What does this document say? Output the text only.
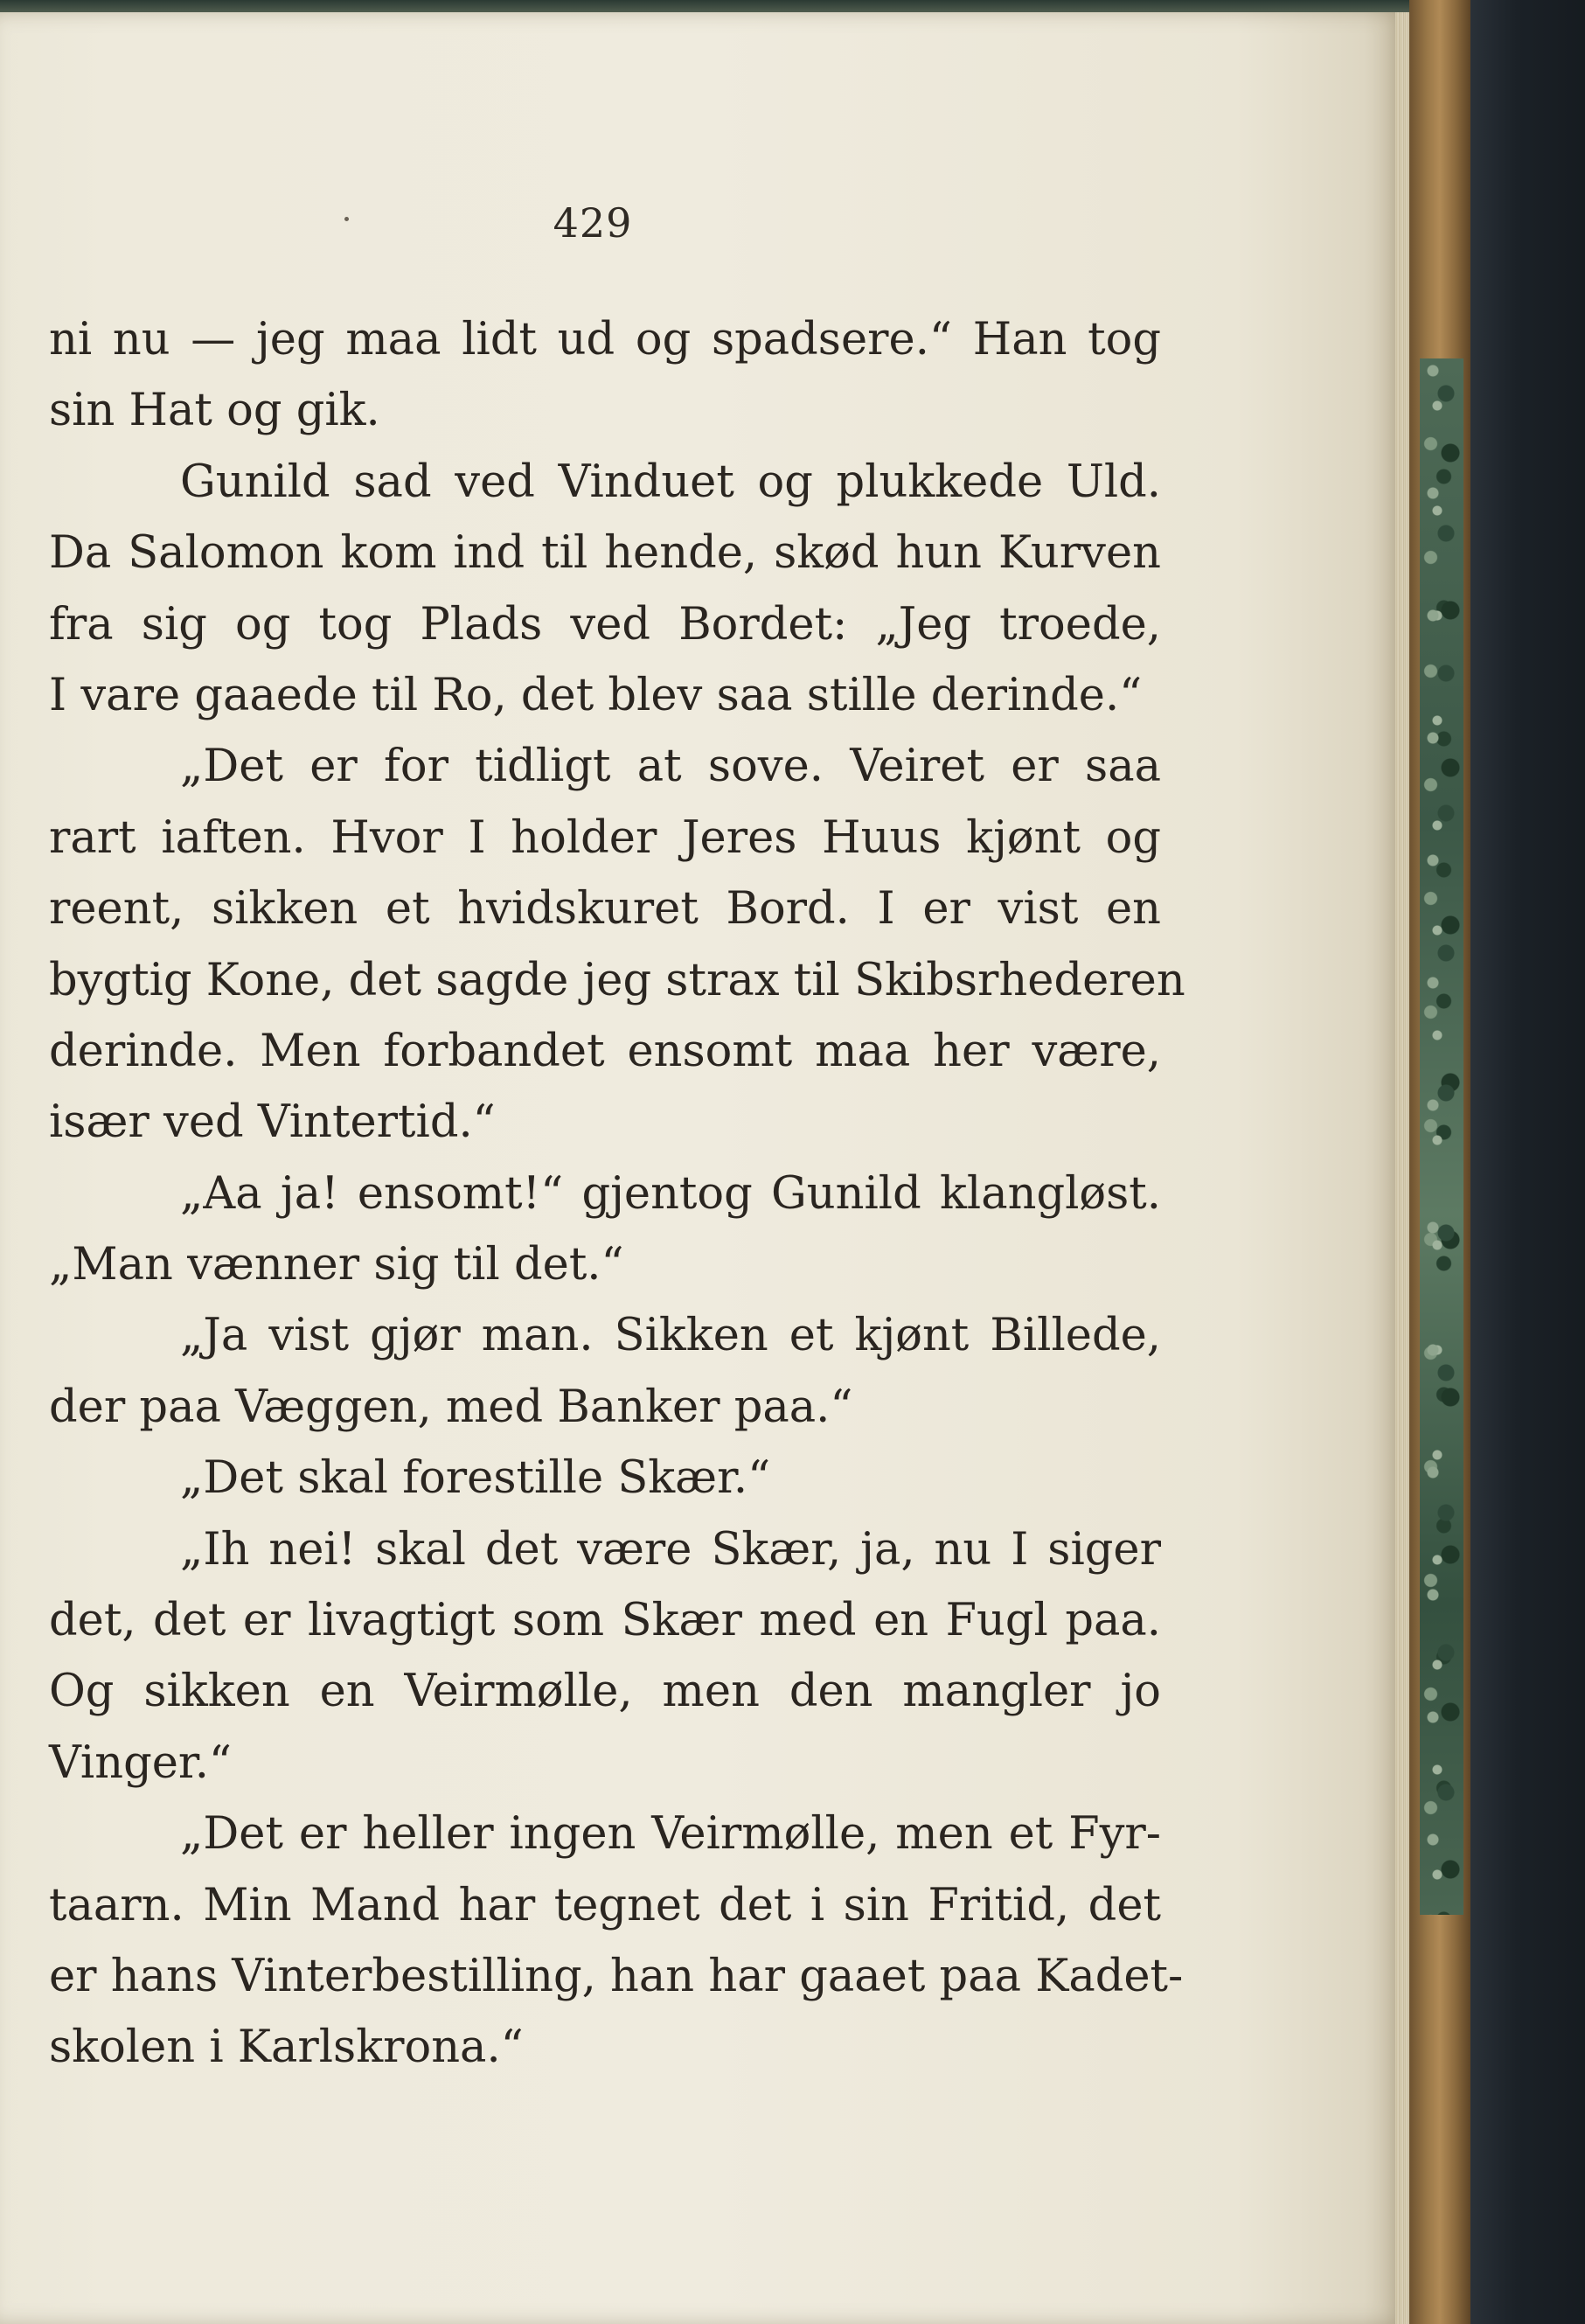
429
ni nu — jeg maa lidt ud og spadsere.“ Han tog
sin Hat og gik.
Gunild sad ved Vinduet og plukkede Uld.
Da Salomon kom ind til hende, skød hun Kurven
fra sig og tog Plads ved Bordet: „Jeg troede,
I vare gaaede til Ro, det blev saa stille derinde.“
„Det er for tidligt at sove. Veiret er saa
rart iaften. Hvor I holder Jeres Huus kjønt og
reent, sikken et hvidskuret Bord. I er vist en
bygtig Kone, det sagde jeg strax til Skibsrhederen
derinde. Men forbandet ensomt maa her være,
især ved Vintertid.“
„Aa ja! ensomt!“ gjentog Gunild klangløst.
„Man vænner sig til det.“
„Ja vist gjør man. Sikken et kjønt Billede,
der paa Væggen, med Banker paa.“
„Det skal forestille Skær.“
„Ih nei! skal det være Skær, ja, nu I siger
det, det er livagtigt som Skær med en Fugl paa.
Og sikken en Veirmølle, men den mangler jo
Vinger.“
„Det er heller ingen Veirmølle, men et Fyr-
taarn. Min Mand har tegnet det i sin Fritid, det
er hans Vinterbestilling, han har gaaet paa Kadet-
skolen i Karlskrona.“
